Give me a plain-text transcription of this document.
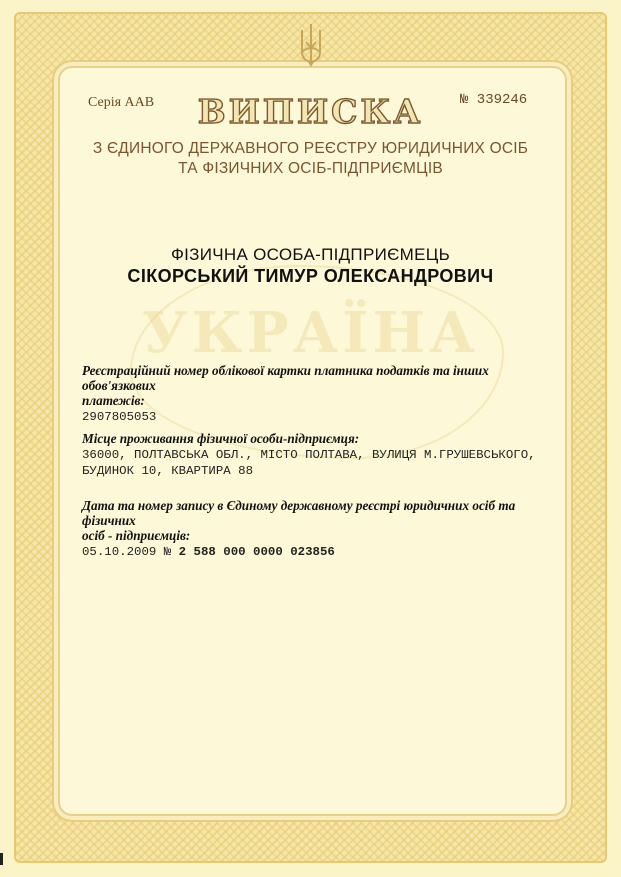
УКРАЇНА
Серія ААВ	№ 339246
ВИПИСКА
З ЄДИНОГО ДЕРЖАВНОГО РЕЄСТРУ ЮРИДИЧНИХ ОСІБ
ТА ФІЗИЧНИХ ОСІБ-ПІДПРИЄМЦІВ
ФІЗИЧНА ОСОБА-ПІДПРИЄМЕЦЬ
СІКОРСЬКИЙ ТИМУР ОЛЕКСАНДРОВИЧ
Реєстраційний номер облікової картки платника податків та інших обов'язкових
платежів:
2907805053
Місце проживання фізичної особи-підприємця:
36000, ПОЛТАВСЬКА ОБЛ., МІСТО ПОЛТАВА, ВУЛИЦЯ М.ГРУШЕВСЬКОГО,
БУДИНОК 10, КВАРТИРА 88
Дата та номер запису в Єдиному державному реєстрі юридичних осіб та фізичних
осіб - підприємців:
05.10.2009 № 2 588 000 0000 023856
